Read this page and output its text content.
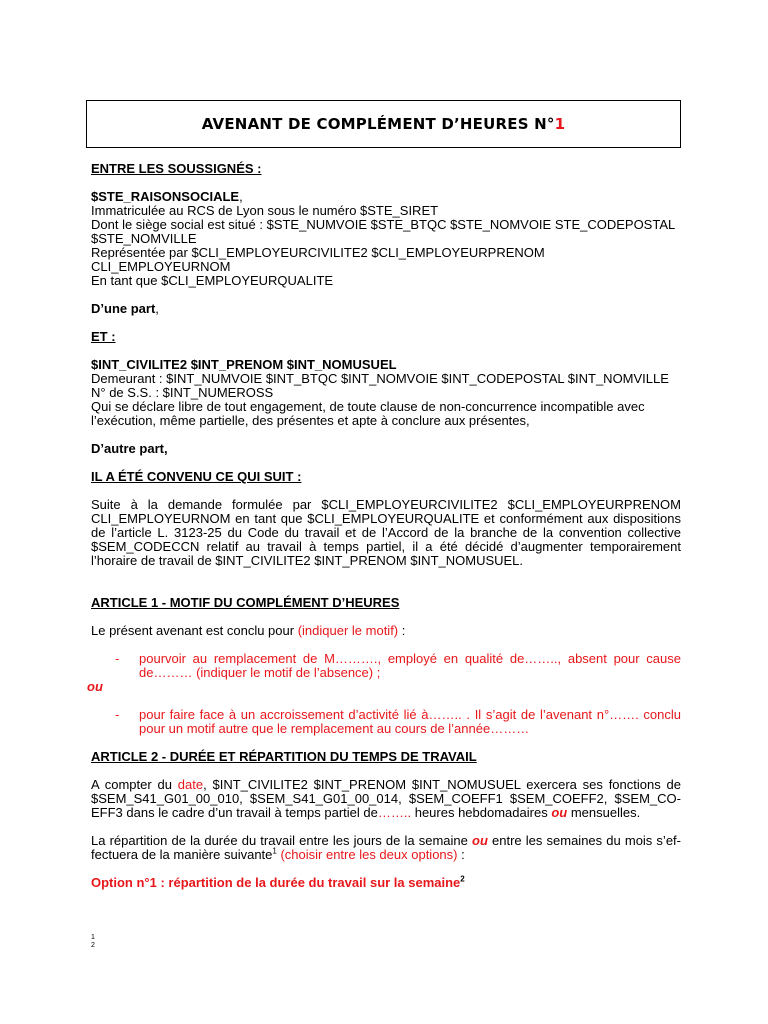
AVENANT DE COMPLÉMENT D’HEURES N°1

ENTRE LES SOUSSIGNÉS :

$STE_RAISONSOCIALE,

Immatriculée au RCS de Lyon sous le numéro $STE_SIRET

Dont le siège social est situé : $STE_NUMVOIE $STE_BTQC $STE_NOMVOIE STE_CODEPOSTAL $STE_NOMVILLE

Représentée par $CLI_EMPLOYEURCIVILITE2 $CLI_EMPLOYEURPRENOM CLI_EMPLOYEURNOM

En tant que $CLI_EMPLOYEURQUALITE

D’une part,

ET :

$INT_CIVILITE2 $INT_PRENOM $INT_NOMUSUEL

Demeurant : $INT_NUMVOIE $INT_BTQC $INT_NOMVOIE $INT_CODEPOSTAL $INT_NOMVILLE

N° de S.S. : $INT_NUMEROSS

Qui se déclare libre de tout engagement, de toute clause de non-concurrence incompatible avec l’exécution, même partielle, des présentes et apte à conclure aux présentes,

D’autre part,

IL A ÉTÉ CONVENU CE QUI SUIT :

Suite à la demande formulée par $CLI_EMPLOYEURCIVILITE2 $CLI_EMPLOYEURPRENOM CLI_EMPLOYEURNOM en tant que $CLI_EMPLOYEURQUALITE et conformément aux dispositions de l’article L. 3123-25 du Code du travail et de l’Accord de la branche de la convention collective $SEM_CODECCN relatif au travail à temps partiel, il a été décidé d’augmenter temporairement l’horaire de travail de $INT_CIVILITE2 $INT_PRENOM $INT_NOMUSUEL.

ARTICLE 1 - MOTIF DU COMPLÉMENT D’HEURES

Le présent avenant est conclu pour (indiquer le motif) :

-	pourvoir au remplacement de M………., employé en qualité de…….., absent pour cause de……… (indiquer le motif de l’absence) ;

ou

-	pour faire face à un accroissement d’activité lié à…….. . Il s’agit de l’avenant n°……. conclu pour un motif autre que le remplacement au cours de l’année………

ARTICLE 2 - DURÉE ET RÉPARTITION DU TEMPS DE TRAVAIL

A compter du date, $INT_CIVILITE2 $INT_PRENOM $INT_NOMUSUEL exercera ses fonctions de $SEM_S41_G01_00_010, $SEM_S41_G01_00_014, $SEM_COEFF1 $SEM_COEFF2, $SEM_CO-EFF3 dans le cadre d’un travail à temps partiel de…….. heures hebdomadaires ou mensuelles.

La répartition de la durée du travail entre les jours de la semaine ou entre les semaines du mois s’ef-fectuera de la manière suivante$^1$ (choisir entre les deux options) :

Option n°1 : répartition de la durée du travail sur la semaine$^2$

1
2
